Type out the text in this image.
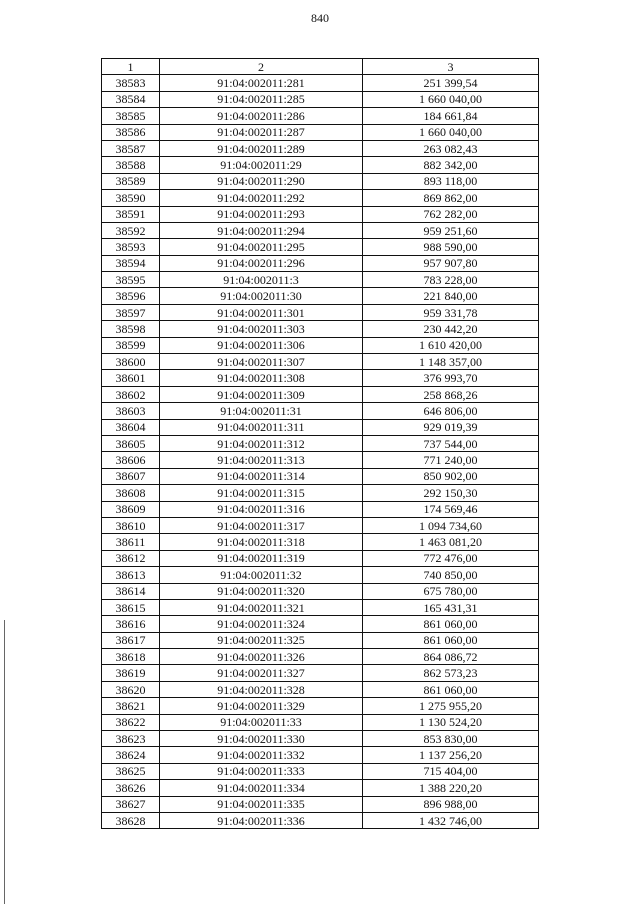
840
1	2	3
38583	91:04:002011:281	251 399,54
38584	91:04:002011:285	1 660 040,00
38585	91:04:002011:286	184 661,84
38586	91:04:002011:287	1 660 040,00
38587	91:04:002011:289	263 082,43
38588	91:04:002011:29	882 342,00
38589	91:04:002011:290	893 118,00
38590	91:04:002011:292	869 862,00
38591	91:04:002011:293	762 282,00
38592	91:04:002011:294	959 251,60
38593	91:04:002011:295	988 590,00
38594	91:04:002011:296	957 907,80
38595	91:04:002011:3	783 228,00
38596	91:04:002011:30	221 840,00
38597	91:04:002011:301	959 331,78
38598	91:04:002011:303	230 442,20
38599	91:04:002011:306	1 610 420,00
38600	91:04:002011:307	1 148 357,00
38601	91:04:002011:308	376 993,70
38602	91:04:002011:309	258 868,26
38603	91:04:002011:31	646 806,00
38604	91:04:002011:311	929 019,39
38605	91:04:002011:312	737 544,00
38606	91:04:002011:313	771 240,00
38607	91:04:002011:314	850 902,00
38608	91:04:002011:315	292 150,30
38609	91:04:002011:316	174 569,46
38610	91:04:002011:317	1 094 734,60
38611	91:04:002011:318	1 463 081,20
38612	91:04:002011:319	772 476,00
38613	91:04:002011:32	740 850,00
38614	91:04:002011:320	675 780,00
38615	91:04:002011:321	165 431,31
38616	91:04:002011:324	861 060,00
38617	91:04:002011:325	861 060,00
38618	91:04:002011:326	864 086,72
38619	91:04:002011:327	862 573,23
38620	91:04:002011:328	861 060,00
38621	91:04:002011:329	1 275 955,20
38622	91:04:002011:33	1 130 524,20
38623	91:04:002011:330	853 830,00
38624	91:04:002011:332	1 137 256,20
38625	91:04:002011:333	715 404,00
38626	91:04:002011:334	1 388 220,20
38627	91:04:002011:335	896 988,00
38628	91:04:002011:336	1 432 746,00
